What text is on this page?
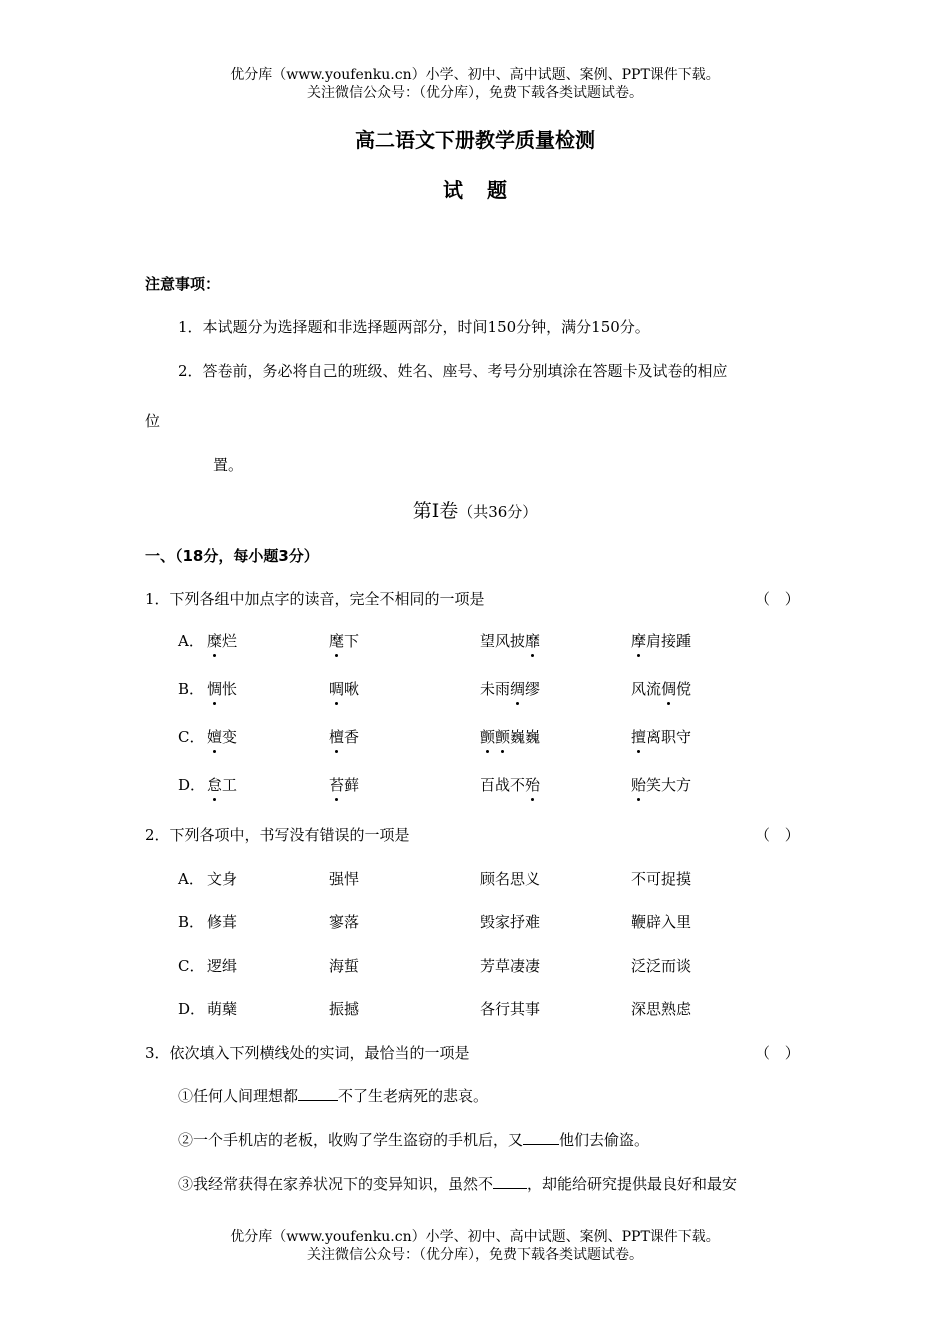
优分库（www.youfenku.cn）小学、初中、高中试题、案例、PPT课件下载。
关注微信公众号：（优分库），免费下载各类试题试卷。
高二语文下册教学质量检测
试题
注意事项：
1．本试题分为选择题和非选择题两部分，时间150分钟，满分150分。
2．答卷前，务必将自己的班级、姓名、座号、考号分别填涂在答题卡及试卷的相应
位
置。
第Ⅰ卷（共36分）
一、（18分，每小题3分）
1．下列各组中加点字的读音，完全不相同的一项是	（ ）
A． 糜烂	麾下	望风披靡	摩肩接踵
B． 惆怅	啁啾	未雨绸缪	风流倜傥
C． 嬗变	檀香	颤颤巍巍	擅离职守
D． 怠工	苔藓	百战不殆	贻笑大方
2．下列各项中，书写没有错误的一项是	（ ）
A． 文身	强悍	顾名思义	不可捉摸
B． 修葺	寥落	毁家抒难	鞭辟入里
C． 逻缉	海蜇	芳草凄凄	泛泛而谈
D． 萌蘖	振撼	各行其事	深思熟虑
3．依次填入下列横线处的实词，最恰当的一项是	（ ）
①任何人间理想都	不了生老病死的悲哀。
②一个手机店的老板，收购了学生盗窃的手机后，又 他们去偷盗。
③我经常获得在家养状况下的变异知识，虽然不 ，却能给研究提供最良好和最安
优分库（www.youfenku.cn）小学、初中、高中试题、案例、PPT课件下载。
关注微信公众号：（优分库），免费下载各类试题试卷。
